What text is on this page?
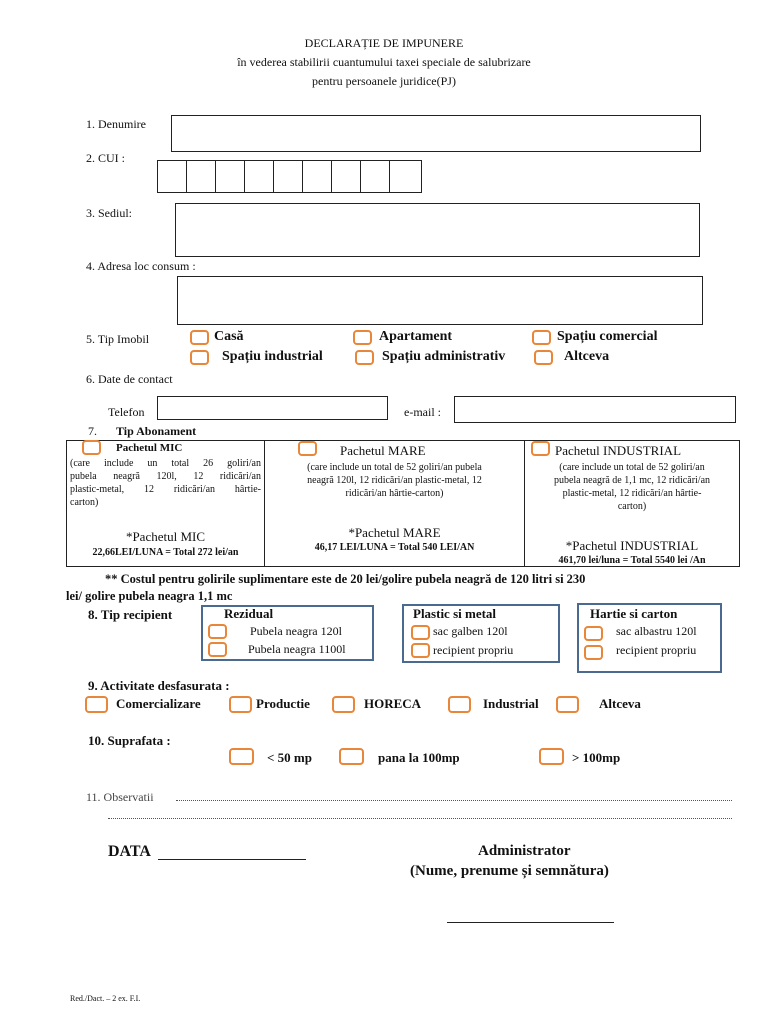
DECLARAȚIE DE IMPUNERE
în vederea stabilirii cuantumului taxei speciale de salubrizare
pentru persoanele juridice(PJ)
1. Denumire
2. CUI :
3. Sediul:
4. Adresa loc consum :
5. Tip Imobil	Casă	Apartament	Spațiu comercial
Spațiu industrial	Spațiu administrativ	Altceva
6. Date de contact
Telefon	e-mail :
7. Tip Abonament
Pachetul MIC
(care include un total 26 goliri/an
pubela neagră 120l, 12 ridicări/an
plastic-metal, 12 ridicări/an hârtie-
carton)
*Pachetul MIC
22,66LEI/LUNA = Total 272 lei/an
Pachetul MARE
(care include un total de 52 goliri/an pubela
neagră 120l, 12 ridicări/an plastic-metal, 12
ridicări/an hârtie-carton)
*Pachetul MARE
46,17 LEI/LUNA = Total 540 LEI/AN
Pachetul INDUSTRIAL
(care include un total de 52 goliri/an
pubela neagră de 1,1 mc, 12 ridicări/an
plastic-metal, 12 ridicări/an hârtie-
carton)
*Pachetul INDUSTRIAL
461,70 lei/luna = Total 5540 lei /An
** Costul pentru golirile suplimentare este de 20 lei/golire pubela neagră de 120 litri si 230
lei/ golire pubela neagra 1,1 mc
8. Tip recipient	Rezidual
Pubela neagra 120l
Pubela neagra 1100l
Plastic si metal
sac galben 120l
recipient propriu
Hartie si carton
sac albastru 120l
recipient propriu
9. Activitate desfasurata :
Comercializare	Productie	HORECA	Industrial	Altceva
10. Suprafata :
< 50 mp	pana la 100mp	> 100mp
11. Observatii
DATA	Administrator
(Nume, prenume și semnătura)
Red./Dact. – 2 ex. F.I.
